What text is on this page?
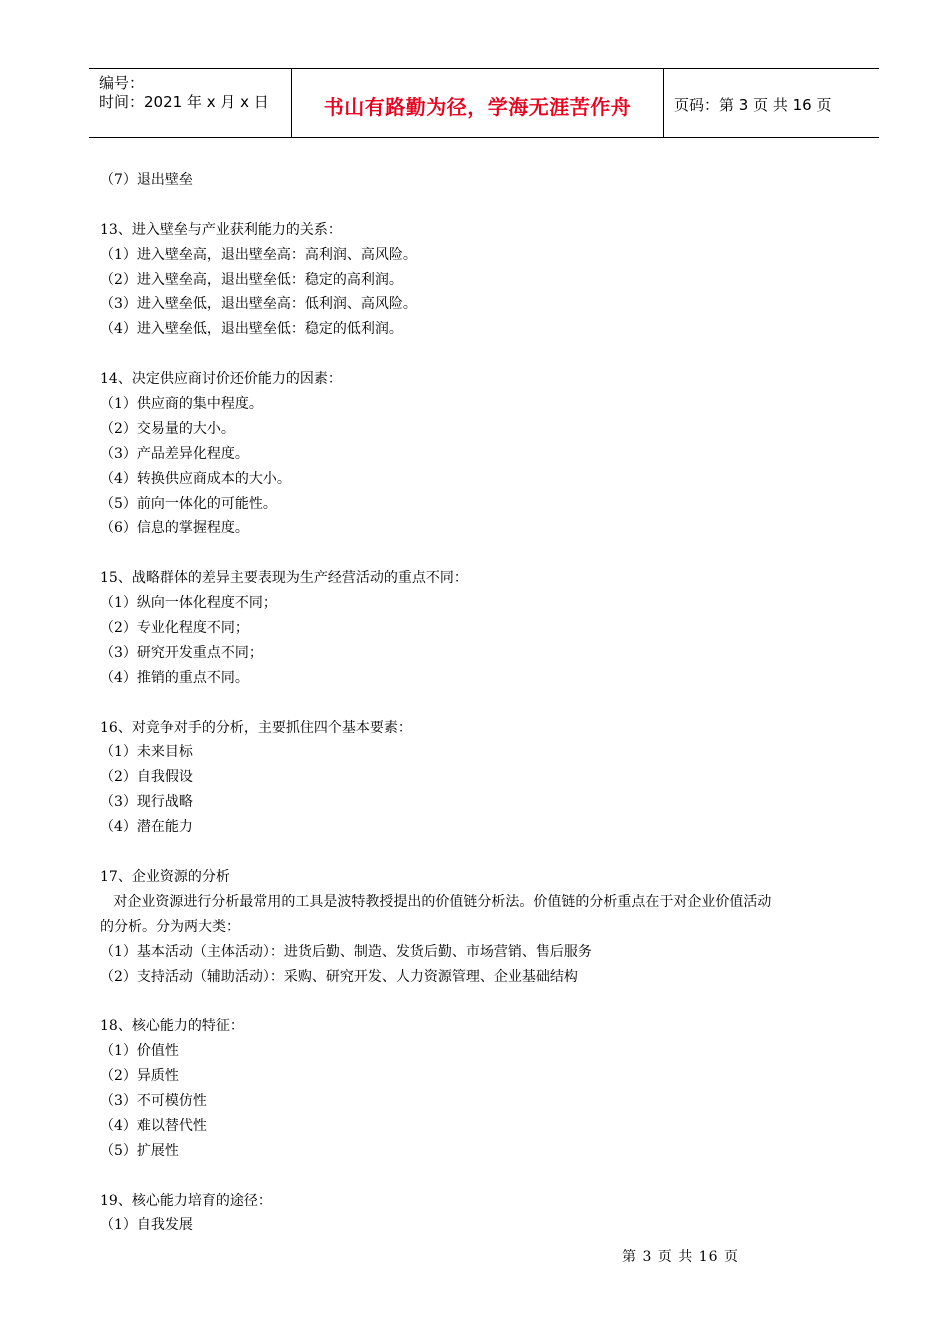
编号：
时间：2021 年 x 月 x 日	书山有路勤为径，学海无涯苦作舟	页码：第 3 页 共 16 页
（7）退出壁垒
13、进入壁垒与产业获利能力的关系：
（1）进入壁垒高，退出壁垒高：高利润、高风险。
（2）进入壁垒高，退出壁垒低：稳定的高利润。
（3）进入壁垒低，退出壁垒高：低利润、高风险。
（4）进入壁垒低，退出壁垒低：稳定的低利润。
14、决定供应商讨价还价能力的因素：
（1）供应商的集中程度。
（2）交易量的大小。
（3）产品差异化程度。
（4）转换供应商成本的大小。
（5）前向一体化的可能性。
（6）信息的掌握程度。
15、战略群体的差异主要表现为生产经营活动的重点不同：
（1）纵向一体化程度不同；
（2）专业化程度不同；
（3）研究开发重点不同；
（4）推销的重点不同。
16、对竞争对手的分析，主要抓住四个基本要素：
（1）未来目标
（2）自我假设
（3）现行战略
（4）潜在能力
17、企业资源的分析
对企业资源进行分析最常用的工具是波特教授提出的价值链分析法。价值链的分析重点在于对企业价值活动
的分析。分为两大类：
（1）基本活动（主体活动）：进货后勤、制造、发货后勤、市场营销、售后服务
（2）支持活动（辅助活动）：采购、研究开发、人力资源管理、企业基础结构
18、核心能力的特征：
（1）价值性
（2）异质性
（3）不可模仿性
（4）难以替代性
（5）扩展性
19、核心能力培育的途径：
（1）自我发展
第 3 页 共 16 页
